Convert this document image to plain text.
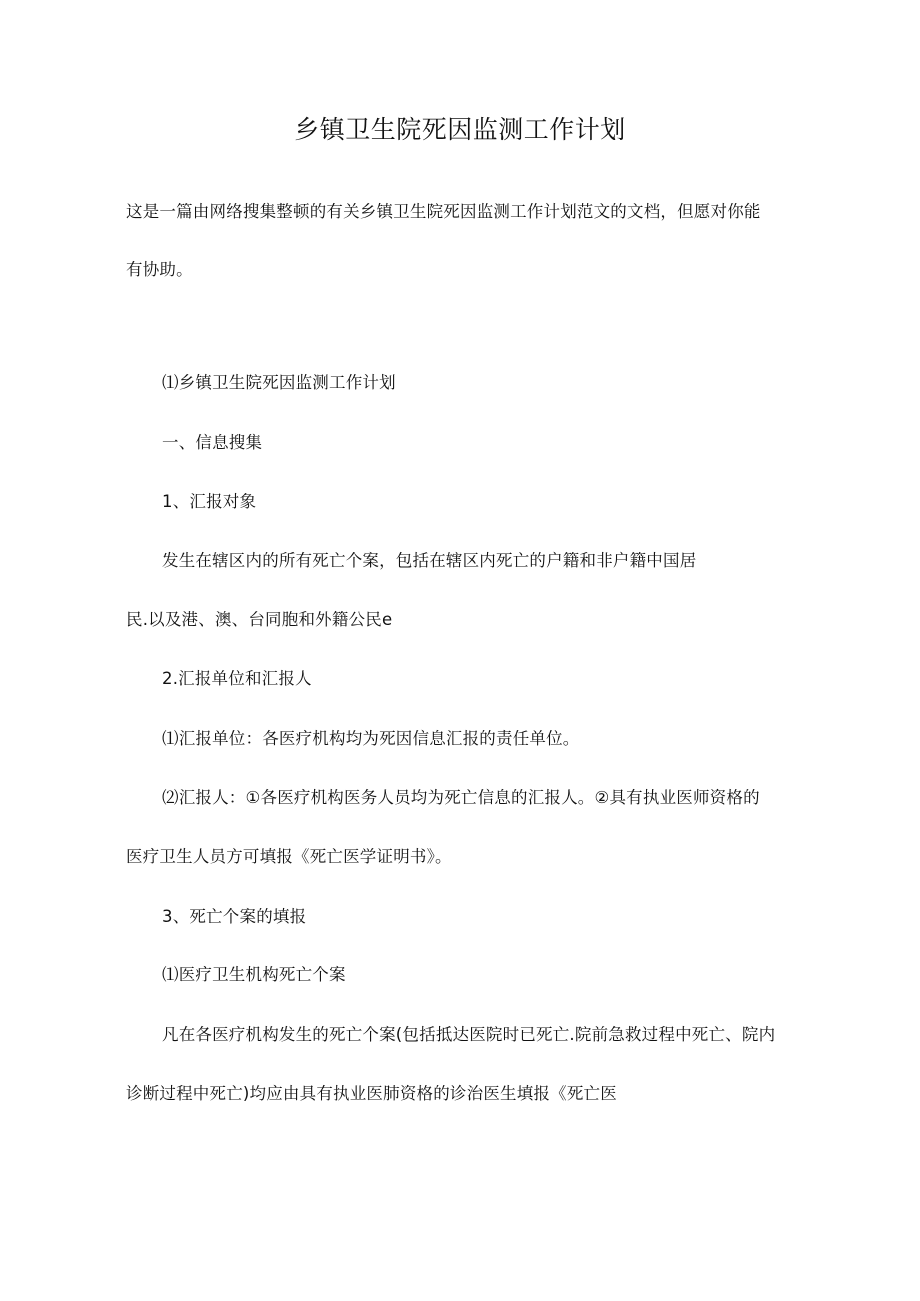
乡镇卫生院死因监测工作计划
这是一篇由网络搜集整顿的有关乡镇卫生院死因监测工作计划范文的文档，但愿对你能
有协助。
⑴乡镇卫生院死因监测工作计划
一、信息搜集
1、汇报对象
发生在辖区内的所有死亡个案，包括在辖区内死亡的户籍和非户籍中国居
民.以及港、澳、台同胞和外籍公民e
2.汇报单位和汇报人
⑴汇报单位：各医疗机构均为死因信息汇报的责任单位。
⑵汇报人：①各医疗机构医务人员均为死亡信息的汇报人。②具有执业医师资格的
医疗卫生人员方可填报《死亡医学证明书》。
3、死亡个案的填报
⑴医疗卫生机构死亡个案
凡在各医疗机构发生的死亡个案(包括抵达医院时已死亡.院前急救过程中死亡、院内
诊断过程中死亡)均应由具有执业医肺资格的诊治医生填报《死亡医
